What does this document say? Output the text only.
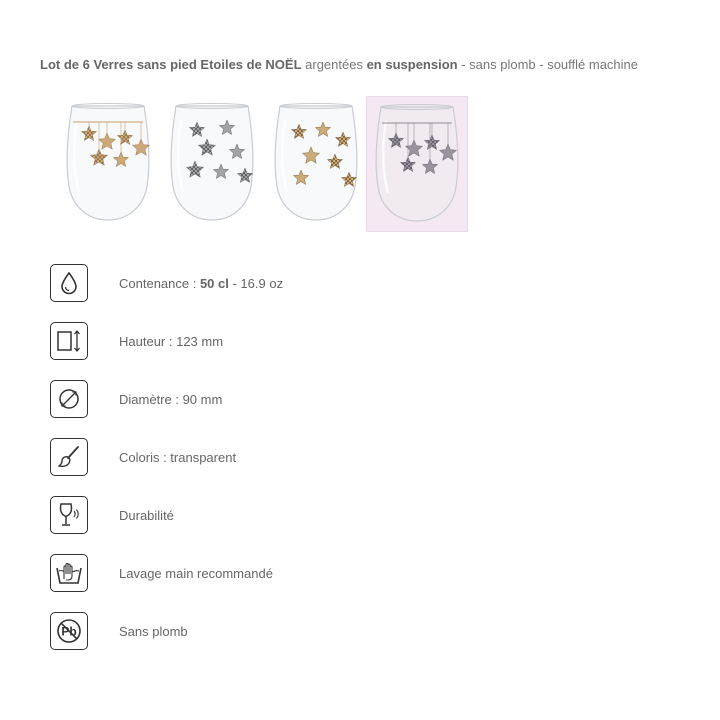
Lot de 6 Verres sans pied Etoiles de NOËL argentées en suspension - sans plomb - soufflé machine
Contenance : 50 cl - 16.9 oz
Hauteur : 123 mm
Diamètre : 90 mm
Coloris : transparent
Durabilité
Lavage main recommandé
Pb	Sans plomb
